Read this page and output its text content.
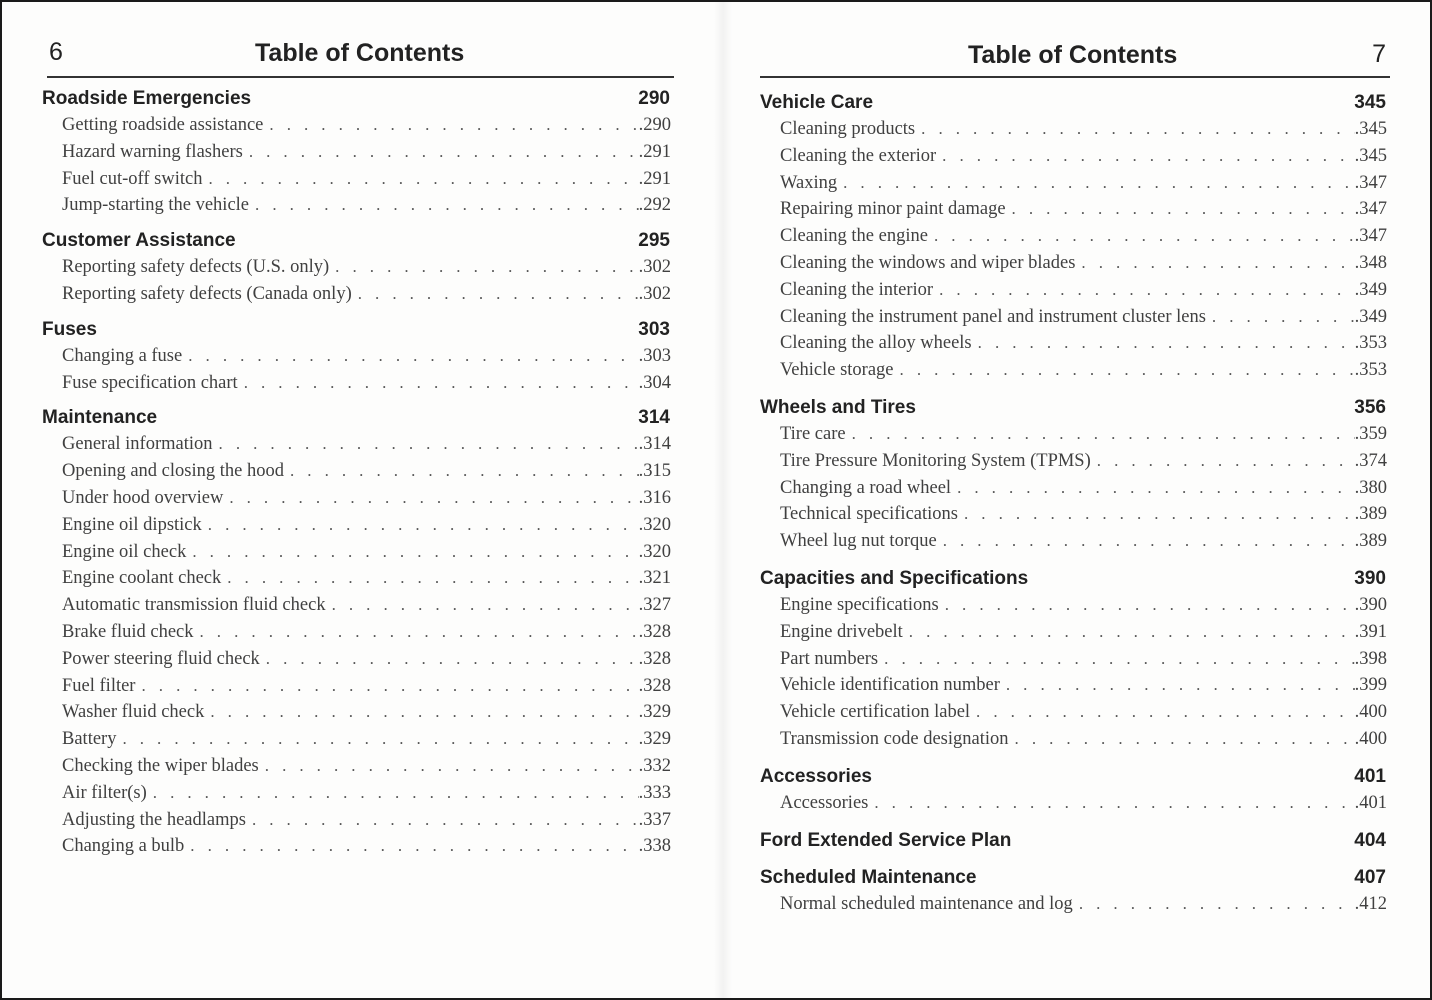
6	Table of Contents
Roadside Emergencies	290
Getting roadside assistance . . .	.290
Hazard warning flashers . . .	.291
Fuel cut-off switch . . .	.291
Jump-starting the vehicle . . .	.292
Customer Assistance	295
Reporting safety defects (U.S. only) . . .	.302
Reporting safety defects (Canada only) . . .	.302
Fuses	303
Changing a fuse . . .	.303
Fuse specification chart . . .	.304
Maintenance	314
General information . . .	.314
Opening and closing the hood . . .	.315
Under hood overview . . .	.316
Engine oil dipstick . . .	.320
Engine oil check . . .	.320
Engine coolant check . . .	.321
Automatic transmission fluid check . . .	.327
Brake fluid check . . .	.328
Power steering fluid check . . .	.328
Fuel filter . . .	.328
Washer fluid check . . .	.329
Battery . . .	.329
Checking the wiper blades . . .	.332
Air filter(s) . . .	.333
Adjusting the headlamps . . .	.337
Changing a bulb . . .	.338
7
Table of Contents
Vehicle Care	345
Cleaning products . . .	.345
Cleaning the exterior . . .	.345
Waxing . . .	.347
Repairing minor paint damage . . .	.347
Cleaning the engine . . .	.347
Cleaning the windows and wiper blades . . .	.348
Cleaning the interior . . .	.349
Cleaning the instrument panel and instrument cluster lens . . .	.349
Cleaning the alloy wheels . . .	.353
Vehicle storage . . .	.353
Wheels and Tires	356
Tire care . . .	.359
Tire Pressure Monitoring System (TPMS) . . .	.374
Changing a road wheel . . .	.380
Technical specifications . . .	.389
Wheel lug nut torque . . .	.389
Capacities and Specifications	390
Engine specifications . . .	.390
Engine drivebelt . . .	.391
Part numbers . . .	.398
Vehicle identification number . . .	.399
Vehicle certification label . . .	.400
Transmission code designation . . .	.400
Accessories	401
Accessories . . .	.401
Ford Extended Service Plan	404
Scheduled Maintenance	407
Normal scheduled maintenance and log . . .	.412
